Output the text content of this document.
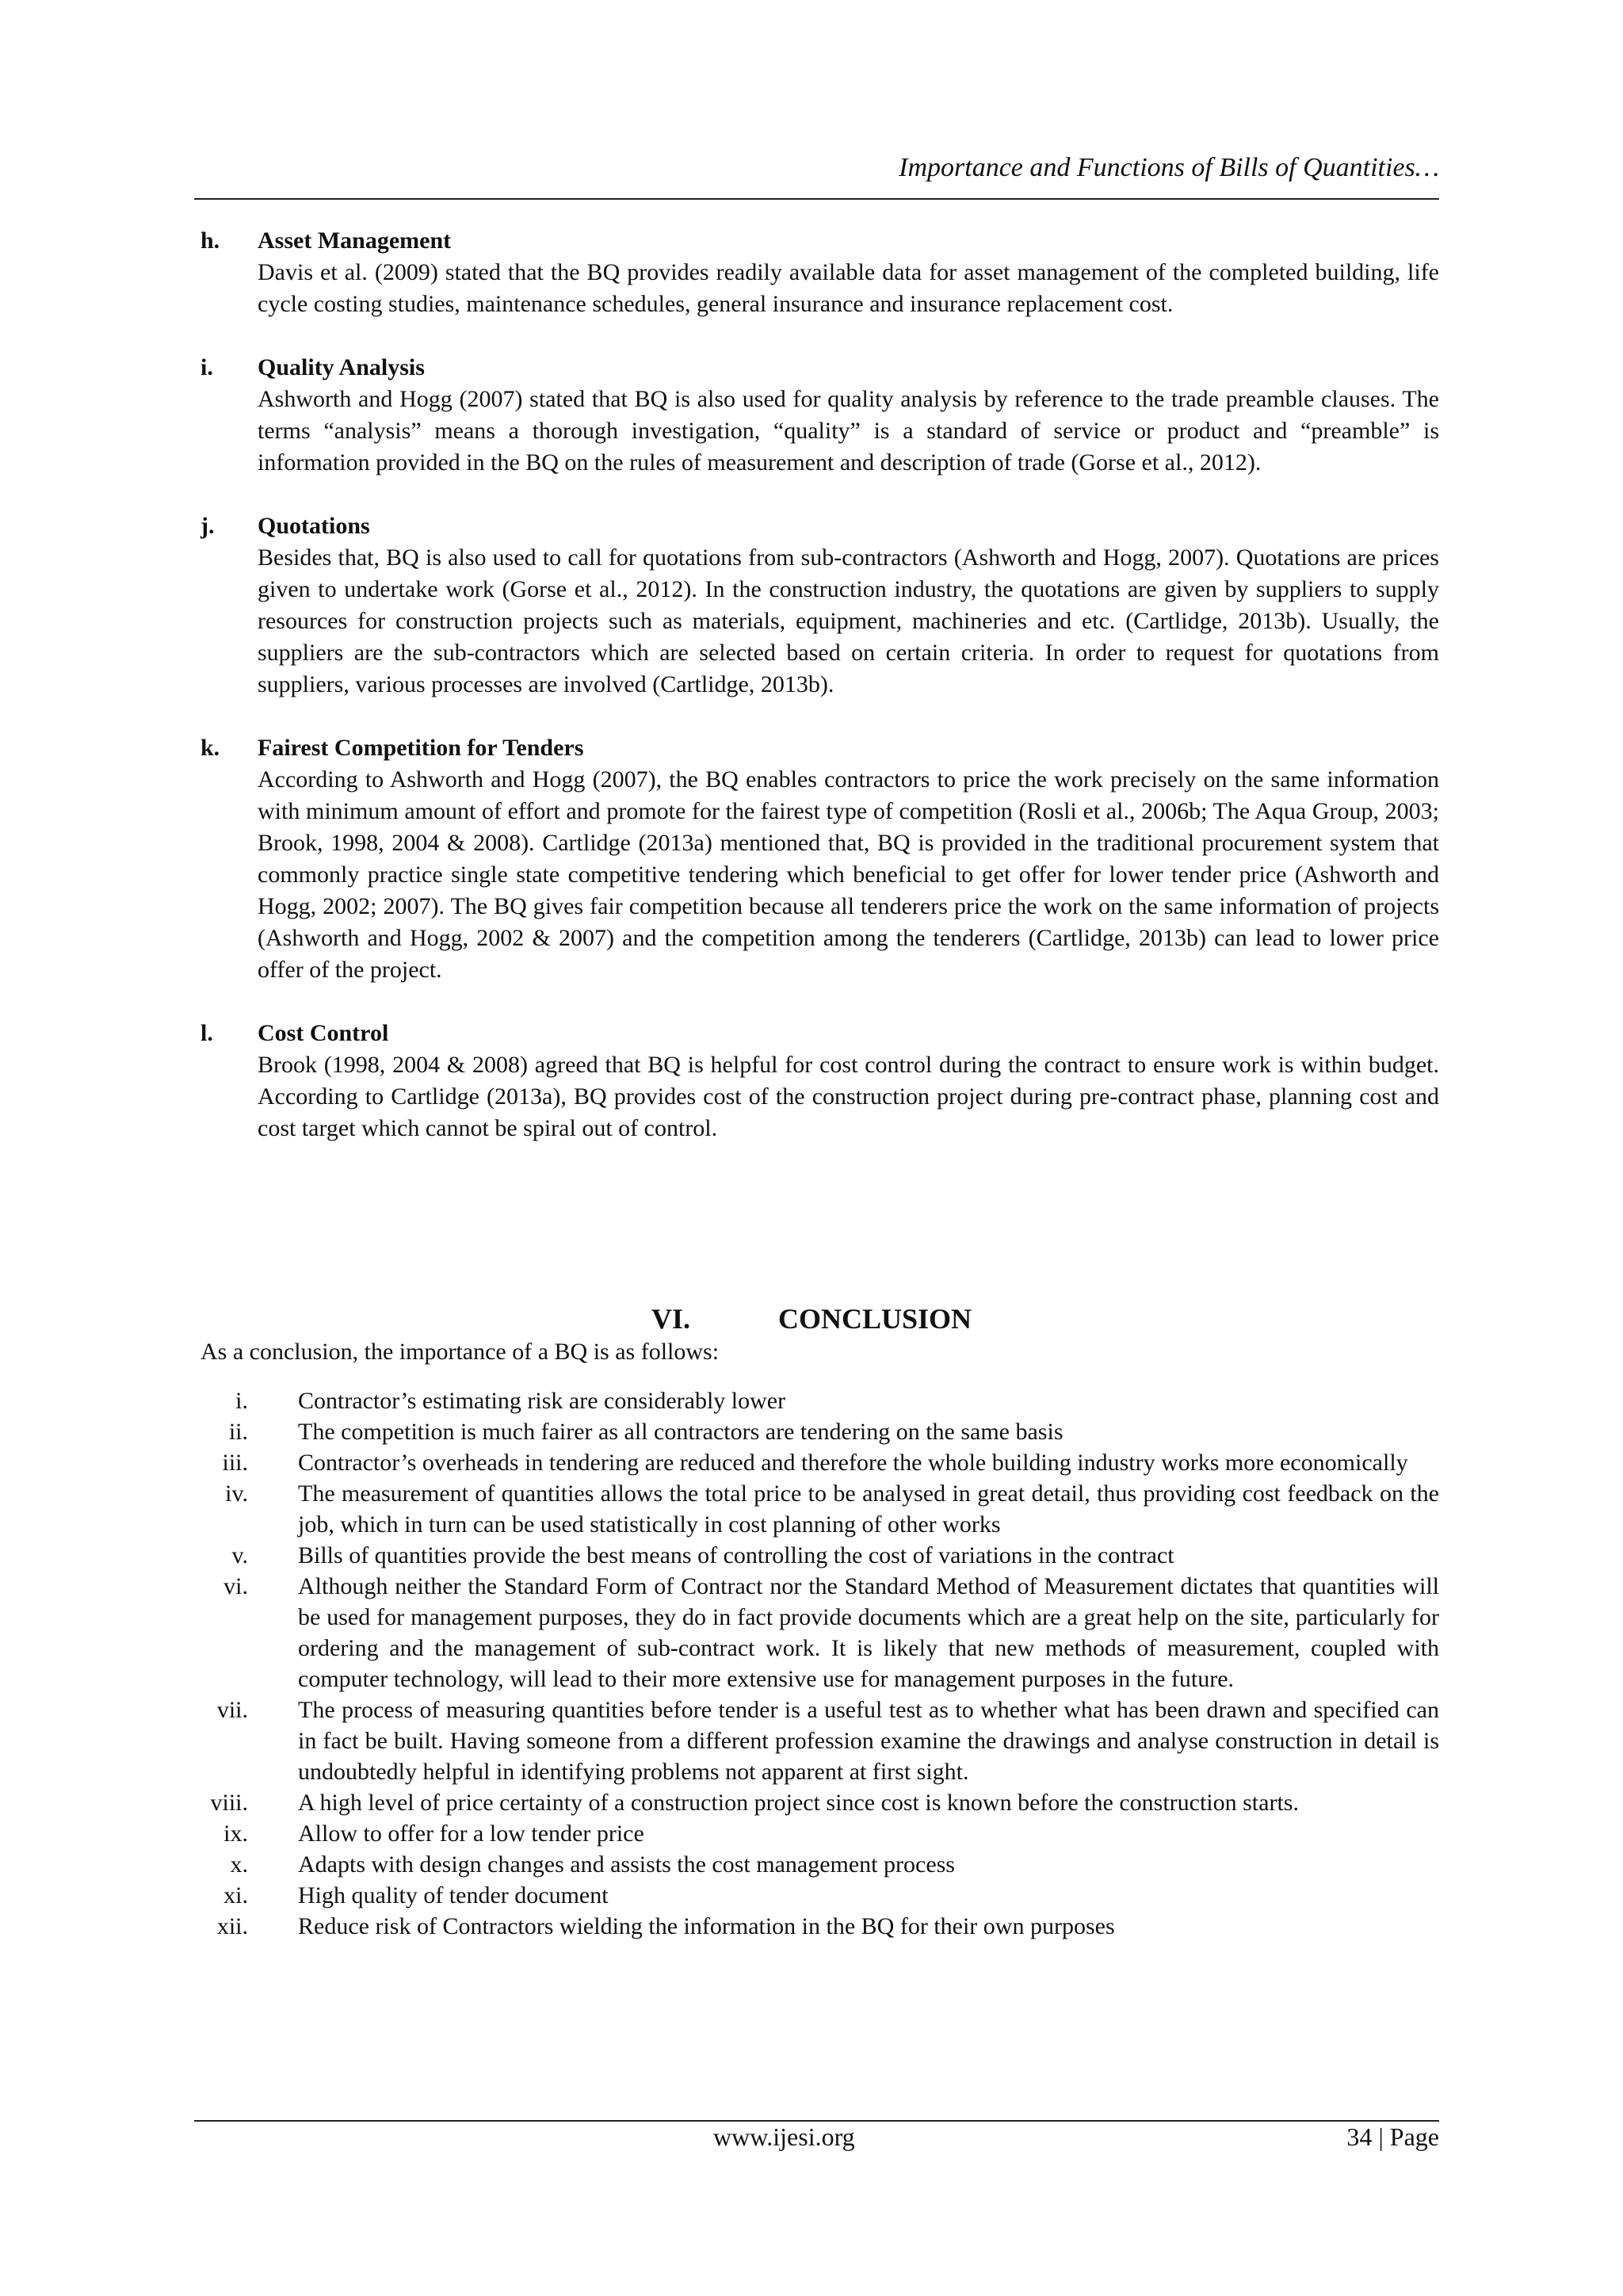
Importance and Functions of Bills of Quantities…
h. Asset Management
Davis et al. (2009) stated that the BQ provides readily available data for asset management of the completed building, life cycle costing studies, maintenance schedules, general insurance and insurance replacement cost.
i. Quality Analysis
Ashworth and Hogg (2007) stated that BQ is also used for quality analysis by reference to the trade preamble clauses. The terms “analysis” means a thorough investigation, “quality” is a standard of service or product and “preamble” is information provided in the BQ on the rules of measurement and description of trade (Gorse et al., 2012).
j. Quotations
Besides that, BQ is also used to call for quotations from sub-contractors (Ashworth and Hogg, 2007). Quotations are prices given to undertake work (Gorse et al., 2012). In the construction industry, the quotations are given by suppliers to supply resources for construction projects such as materials, equipment, machineries and etc. (Cartlidge, 2013b). Usually, the suppliers are the sub-contractors which are selected based on certain criteria. In order to request for quotations from suppliers, various processes are involved (Cartlidge, 2013b).
k. Fairest Competition for Tenders
According to Ashworth and Hogg (2007), the BQ enables contractors to price the work precisely on the same information with minimum amount of effort and promote for the fairest type of competition (Rosli et al., 2006b; The Aqua Group, 2003; Brook, 1998, 2004 & 2008). Cartlidge (2013a) mentioned that, BQ is provided in the traditional procurement system that commonly practice single state competitive tendering which beneficial to get offer for lower tender price (Ashworth and Hogg, 2002; 2007). The BQ gives fair competition because all tenderers price the work on the same information of projects (Ashworth and Hogg, 2002 & 2007) and the competition among the tenderers (Cartlidge, 2013b) can lead to lower price offer of the project.
l. Cost Control
Brook (1998, 2004 & 2008) agreed that BQ is helpful for cost control during the contract to ensure work is within budget. According to Cartlidge (2013a), BQ provides cost of the construction project during pre-contract phase, planning cost and cost target which cannot be spiral out of control.
VI.	CONCLUSION
As a conclusion, the importance of a BQ is as follows:
i. Contractor’s estimating risk are considerably lower
ii. The competition is much fairer as all contractors are tendering on the same basis
iii. Contractor’s overheads in tendering are reduced and therefore the whole building industry works more economically
iv. The measurement of quantities allows the total price to be analysed in great detail, thus providing cost feedback on the job, which in turn can be used statistically in cost planning of other works
v. Bills of quantities provide the best means of controlling the cost of variations in the contract
vi. Although neither the Standard Form of Contract nor the Standard Method of Measurement dictates that quantities will be used for management purposes, they do in fact provide documents which are a great help on the site, particularly for ordering and the management of sub-contract work. It is likely that new methods of measurement, coupled with computer technology, will lead to their more extensive use for management purposes in the future.
vii. The process of measuring quantities before tender is a useful test as to whether what has been drawn and specified can in fact be built. Having someone from a different profession examine the drawings and analyse construction in detail is undoubtedly helpful in identifying problems not apparent at first sight.
viii. A high level of price certainty of a construction project since cost is known before the construction starts.
ix. Allow to offer for a low tender price
x. Adapts with design changes and assists the cost management process
xi. High quality of tender document
xii. Reduce risk of Contractors wielding the information in the BQ for their own purposes
www.ijesi.org	34 | Page
